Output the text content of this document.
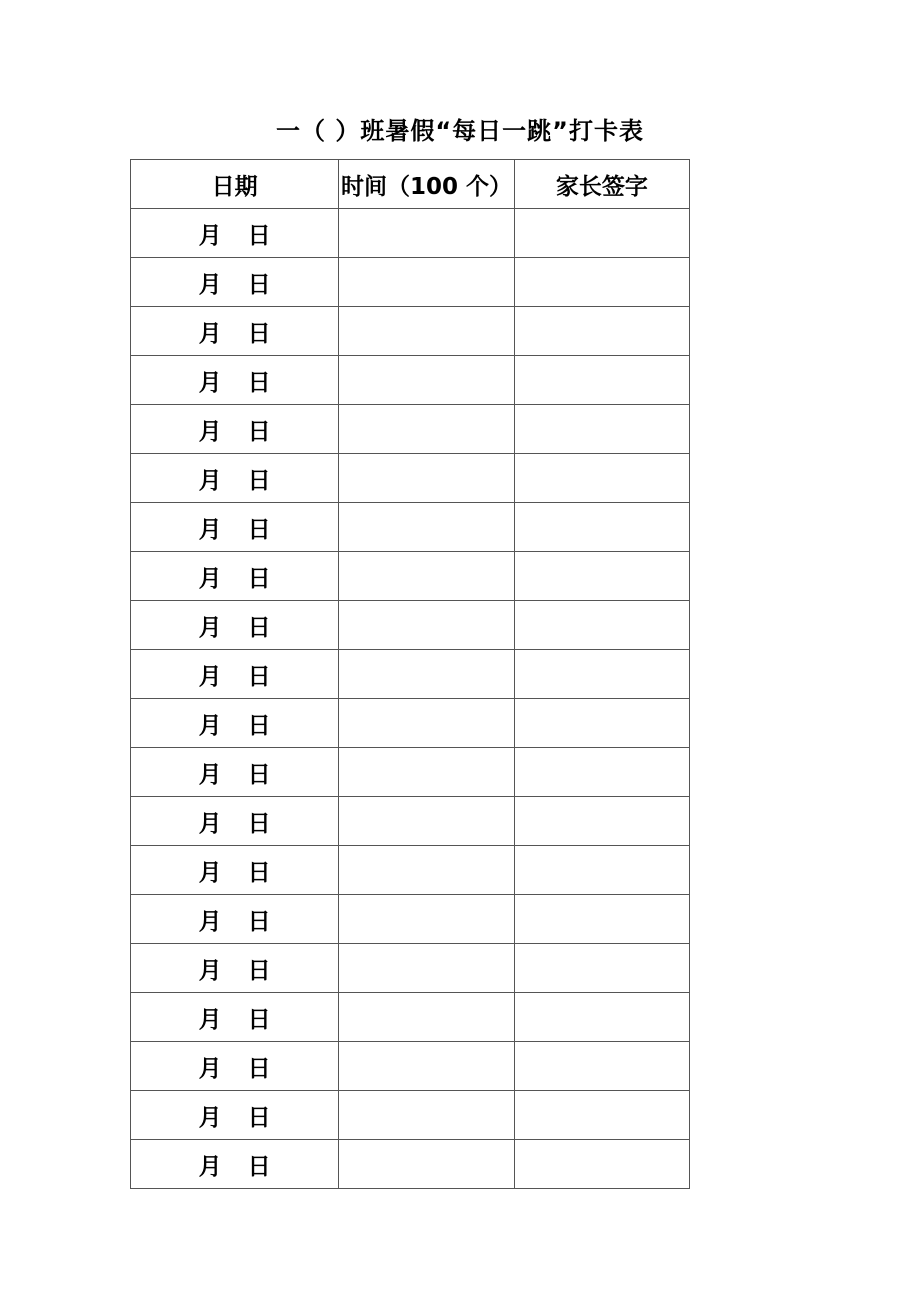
一（ ）班暑假“每日一跳”打卡表
日期	时间（100 个）	家长签字
月 日		
月 日		
月 日		
月 日		
月 日		
月 日		
月 日		
月 日		
月 日		
月 日		
月 日		
月 日		
月 日		
月 日		
月 日		
月 日		
月 日		
月 日		
月 日		
月 日		
